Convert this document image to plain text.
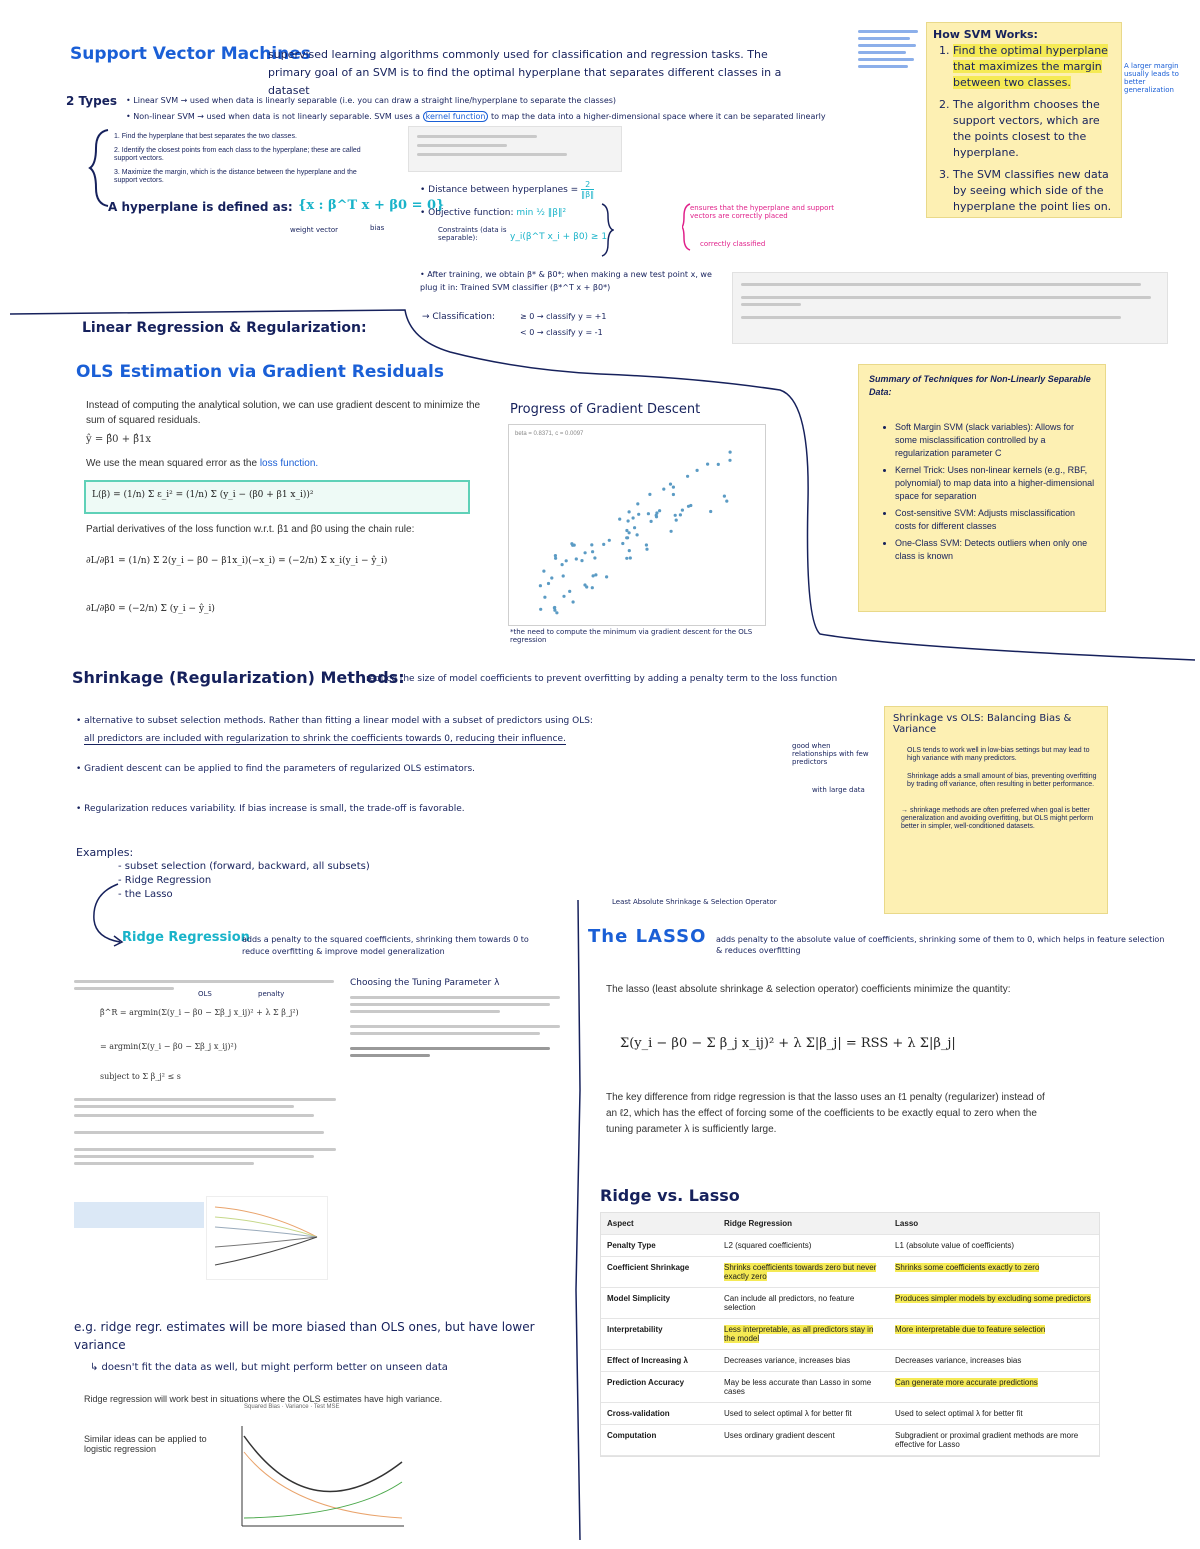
Support Vector Machines
supervised learning algorithms commonly used for classification and regression tasks. The primary goal of an SVM is to find the optimal hyperplane that separates different classes in a dataset
2 Types • Linear SVM → used when data is linearly separable (i.e. you can draw a straight line/hyperplane to separate the classes)
• Non-linear SVM → used when data is not linearly separable. SVM uses a kernel function to map the data into a higher-dimensional space where it can be separated linearly
1. Find the hyperplane that best separates the two classes.
2. Identify the closest points from each class to the hyperplane; these are called support vectors.
3. Maximize the margin, which is the distance between the hyperplane and the support vectors.
A hyperplane is defined as: {x : β^T x + β0 = 0}
weight vector	bias
• Distance between hyperplanes = $\frac{2}{‖\beta‖}$
• Objective function: min ½ ‖β‖²
Constraints (data is separable):	y_i(β^T x_i + β0) ≥ 1
ensures that the hyperplane and support vectors are correctly placed
correctly classified
• After training, we obtain β* & β0*; when making a new test point x, we plug it in: Trained SVM classifier (β*^T x + β0*)
→ Classification:	≥ 0 → classify y = +1
< 0 → classify y = -1
How SVM Works:
1. Find the optimal hyperplane that maximizes the margin between two classes.
2. The algorithm chooses the support vectors, which are the points closest to the hyperplane.
3. The SVM classifies new data by seeing which side of the hyperplane the point lies on.
A larger margin usually leads to better generalization
Summary of Techniques for Non-Linearly Separable Data:
• Soft Margin SVM (slack variables): Allows for some misclassification controlled by a regularization parameter C
• Kernel Trick: Uses non-linear kernels (e.g., RBF, polynomial) to map data into a higher-dimensional space for separation
• Cost-sensitive SVM: Adjusts misclassification costs for different classes
• One-Class SVM: Detects outliers when only one class is known
Linear Regression & Regularization:
OLS Estimation via Gradient Residuals
Instead of computing the analytical solution, we can use gradient descent to minimize the sum of squared residuals.
ŷ = β̂0 + β̂1x
We use the mean squared error as the loss function.
L(β) = (1/n) Σ ε_i² = (1/n) Σ (y_i − (β0 + β1 x_i))²
Partial derivatives of the loss function w.r.t. β1 and β0 using the chain rule:
∂L/∂β1 = (1/n) Σ 2(y_i − β0 − β1x_i)(−x_i) = (−2/n) Σ x_i(y_i − ŷ_i)
∂L/∂β0 = (−2/n) Σ (y_i − ŷ_i)
Progress of Gradient Descent
beta = 0.8371, c = 0.0097
*the need to compute the minimum via gradient descent for the OLS regression
Shrinkage (Regularization) Methods:
reduce the size of model coefficients to prevent overfitting by adding a penalty term to the loss function
• alternative to subset selection methods. Rather than fitting a linear model with a subset of predictors using OLS:
all predictors are included with regularization to shrink the coefficients towards 0, reducing their influence.
• Gradient descent can be applied to find the parameters of regularized OLS estimators.
• Regularization reduces variability. If bias increase is small, the trade-off is favorable.
Examples:
- subset selection (forward, backward, all subsets)
- Ridge Regression
- the Lasso
good when relationships with few predictors
with large data
Shrinkage vs OLS: Balancing Bias & Variance
OLS tends to work well in low-bias settings but may lead to high variance with many predictors.
Shrinkage adds a small amount of bias, preventing overfitting by trading off variance, often resulting in better performance.
→ shrinkage methods are often preferred when goal is better generalization and avoiding overfitting, but OLS might perform better in simpler, well-conditioned datasets.
Ridge Regression
adds a penalty to the squared coefficients, shrinking them towards 0 to reduce overfitting & improve model generalization
OLS	penalty
β̂^R = argmin(Σ(y_i − β0 − Σβ_j x_ij)² + λ Σ β_j²)
= argmin(Σ(y_i − β0 − Σβ_j x_ij)²)
subject to Σ β_j² ≤ s
Choosing the Tuning Parameter λ
e.g. ridge regr. estimates will be more biased than OLS ones, but have lower variance
↳ doesn't fit the data as well, but might perform better on unseen data
Ridge regression will work best in situations where the OLS estimates have high variance.
Similar ideas can be applied to logistic regression
Squared Bias · Variance · Test MSE
Least Absolute Shrinkage & Selection Operator
The LASSO adds penalty to the absolute value of coefficients, shrinking some of them to 0, which helps in feature selection & reduces overfitting
The lasso (least absolute shrinkage & selection operator) coefficients minimize the quantity:
Σ(y_i − β0 − Σ β_j x_ij)² + λ Σ|β_j| = RSS + λ Σ|β_j|
The key difference from ridge regression is that the lasso uses an ℓ1 penalty (regularizer) instead of an ℓ2, which has the effect of forcing some of the coefficients to be exactly equal to zero when the tuning parameter λ is sufficiently large.
Ridge vs. Lasso
Aspect	Ridge Regression	Lasso
Penalty Type	L2 (squared coefficients)	L1 (absolute value of coefficients)
Coefficient Shrinkage	Shrinks coefficients towards zero but never exactly zero	Shrinks some coefficients exactly to zero
Model Simplicity	Can include all predictors, no feature selection	Produces simpler models by excluding some predictors
Interpretability	Less interpretable, as all predictors stay in the model	More interpretable due to feature selection
Effect of Increasing λ	Decreases variance, increases bias	Decreases variance, increases bias
Prediction Accuracy	May be less accurate than Lasso in some cases	Can generate more accurate predictions
Cross-validation	Used to select optimal λ for better fit	Used to select optimal λ for better fit
Computation	Uses ordinary gradient descent	Subgradient or proximal gradient methods are more effective for Lasso
